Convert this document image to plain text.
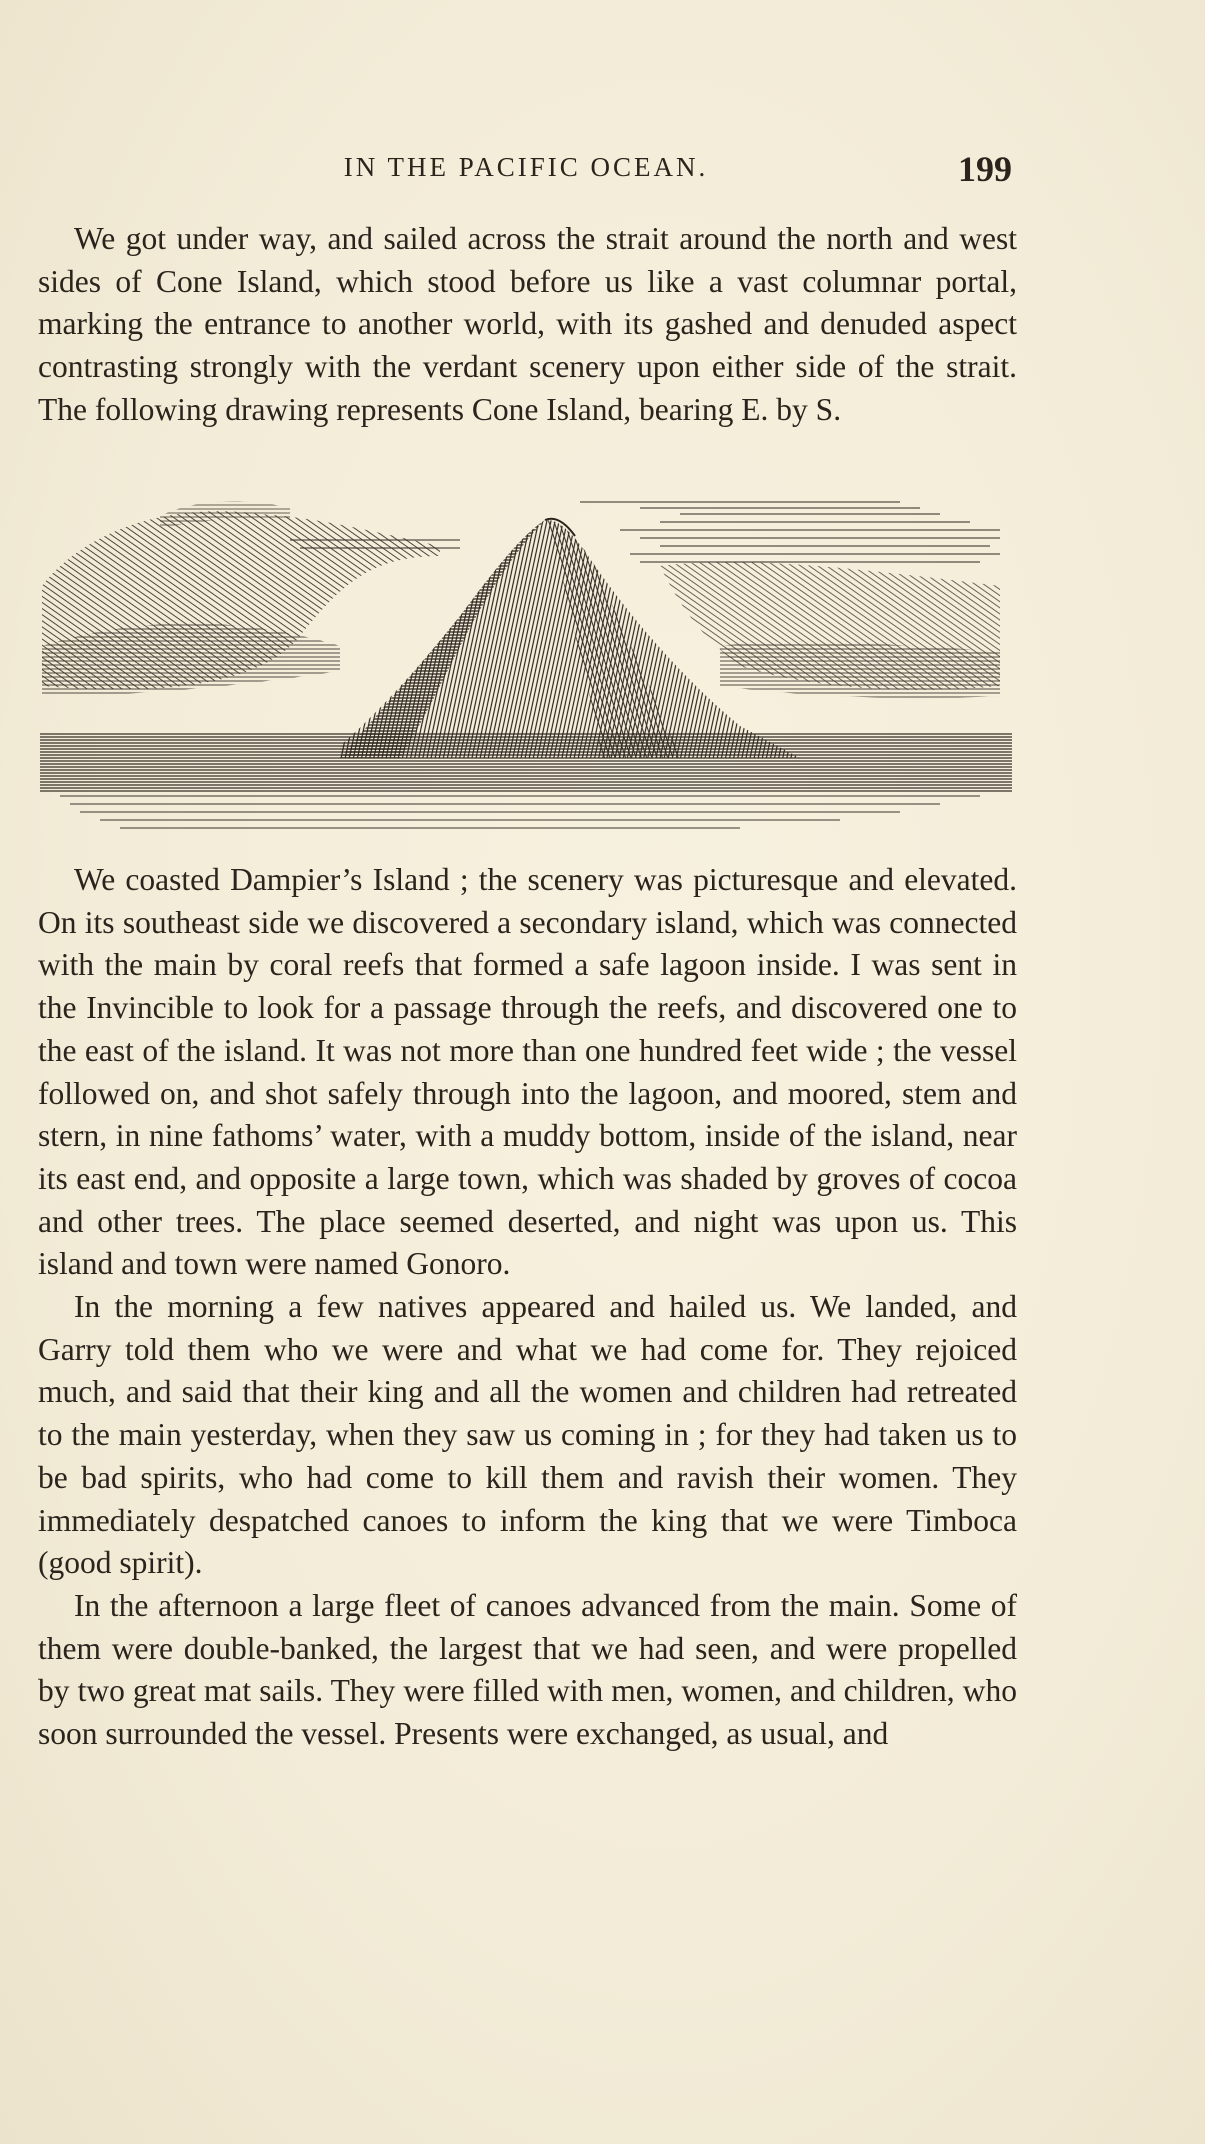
IN THE PACIFIC OCEAN.	199

We got under way, and sailed across the strait around the north and west sides of Cone Island, which stood before us like a vast columnar portal, marking the entrance to another world, with its gashed and denuded aspect contrasting strongly with the verdant scenery upon either side of the strait. The following drawing represents Cone Island, bearing E. by S.

We coasted Dampier’s Island ; the scenery was picturesque and elevated. On its southeast side we discovered a secondary island, which was connected with the main by coral reefs that formed a safe lagoon inside. I was sent in the Invincible to look for a passage through the reefs, and discovered one to the east of the island. It was not more than one hundred feet wide ; the vessel followed on, and shot safely through into the lagoon, and moored, stem and stern, in nine fathoms’ water, with a muddy bottom, inside of the island, near its east end, and opposite a large town, which was shaded by groves of cocoa and other trees. The place seemed deserted, and night was upon us. This island and town were named Gonoro.

In the morning a few natives appeared and hailed us. We landed, and Garry told them who we were and what we had come for. They rejoiced much, and said that their king and all the women and children had retreated to the main yesterday, when they saw us coming in ; for they had taken us to be bad spirits, who had come to kill them and ravish their women. They immediately despatched canoes to inform the king that we were Timboca (good spirit).

In the afternoon a large fleet of canoes advanced from the main. Some of them were double-banked, the largest that we had seen, and were propelled by two great mat sails. They were filled with men, women, and children, who soon surrounded the vessel. Presents were exchanged, as usual, and
